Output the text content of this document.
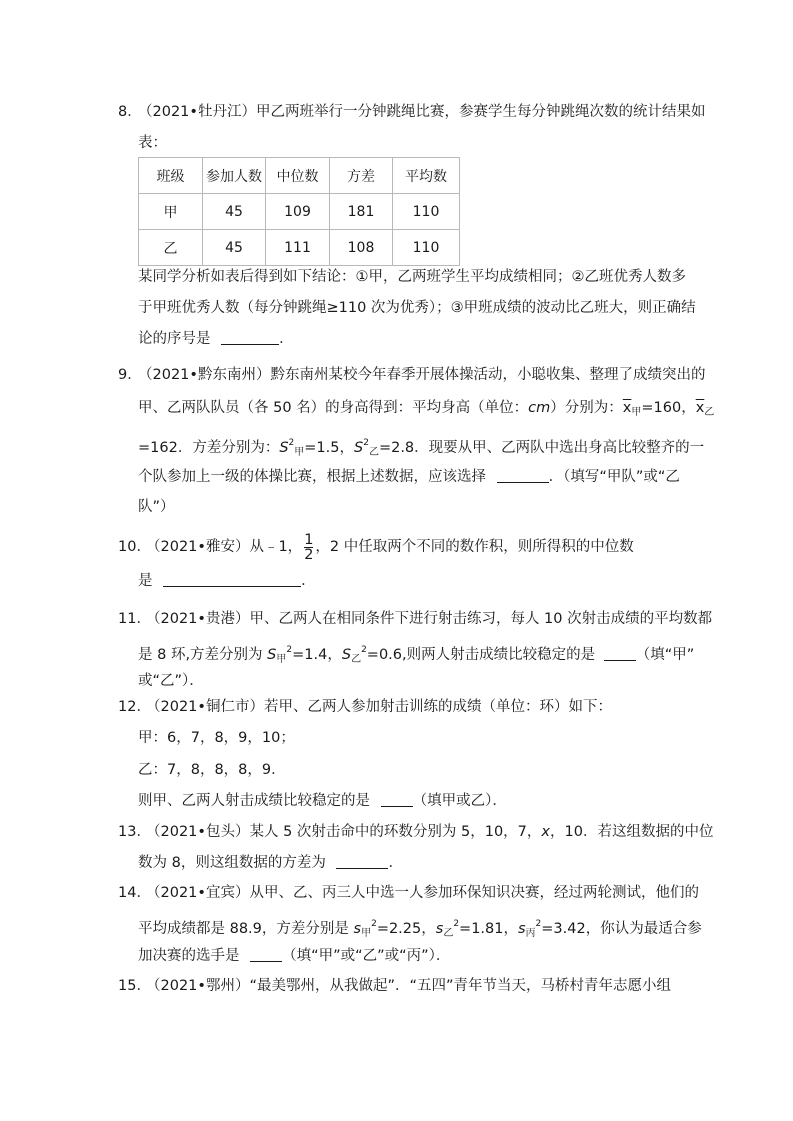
8．
（2021•牡丹江）甲乙两班举行一分钟跳绳比赛，参赛学生每分钟跳绳次数的统计结果如
表：
班级	参加人数	中位数	方差	平均数
甲	45	109	181	110
乙	45	111	108	110
某同学分析如表后得到如下结论：①甲，乙两班学生平均成绩相同；②乙班优秀人数多
于甲班优秀人数（每分钟跳绳≥110 次为优秀）；③甲班成绩的波动比乙班大，则正确结
论的序号是	．
9．
（2021•黔东南州）黔东南州某校今年春季开展体操活动，小聪收集、整理了成绩突出的
甲、乙两队队员（各 50 名）的身高得到：平均身高（单位：cm）分别为：$\overline{x}_甲=160$，$\overline{x}_乙$
=162．方差分别为：$S^2_甲=1.5$，$S^2_乙=2.8$．现要从甲、乙两队中选出身高比较整齐的一
个队参加上一级的体操比赛，根据上述数据，应该选择	．（填写“甲队”或“乙
队”）
10．
（2021•雅安）从﹣1， $\frac{1}{2}$ ，2 中任取两个不同的数作积，则所得积的中位数
是	．
11．
（2021•贵港）甲、乙两人在相同条件下进行射击练习，每人 10 次射击成绩的平均数都
是 8 环,方差分别为 $S_甲^2=1.4$，$S_乙^2=0.6$,则两人射击成绩比较稳定的是	（填“甲”
或“乙”）．
12．
（2021•铜仁市）若甲、乙两人参加射击训练的成绩（单位：环）如下：
甲：6，7，8，9，10；
乙：7，8，8，8，9．
则甲、乙两人射击成绩比较稳定的是	（填甲或乙）．
13．
（2021•包头）某人 5 次射击命中的环数分别为 5，10，7，x，10．若这组数据的中位
数为 8，则这组数据的方差为	．
14．
（2021•宜宾）从甲、乙、丙三人中选一人参加环保知识决赛，经过两轮测试，他们的
平均成绩都是 88.9，方差分别是 $s_甲^2=2.25$，$s_乙^2=1.81$，$s_丙^2=3.42$，你认为最适合参
加决赛的选手是	（填“甲”或“乙”或“丙”）．
15．
（2021•鄂州）“最美鄂州，从我做起”．“五四”青年节当天，马桥村青年志愿小组
